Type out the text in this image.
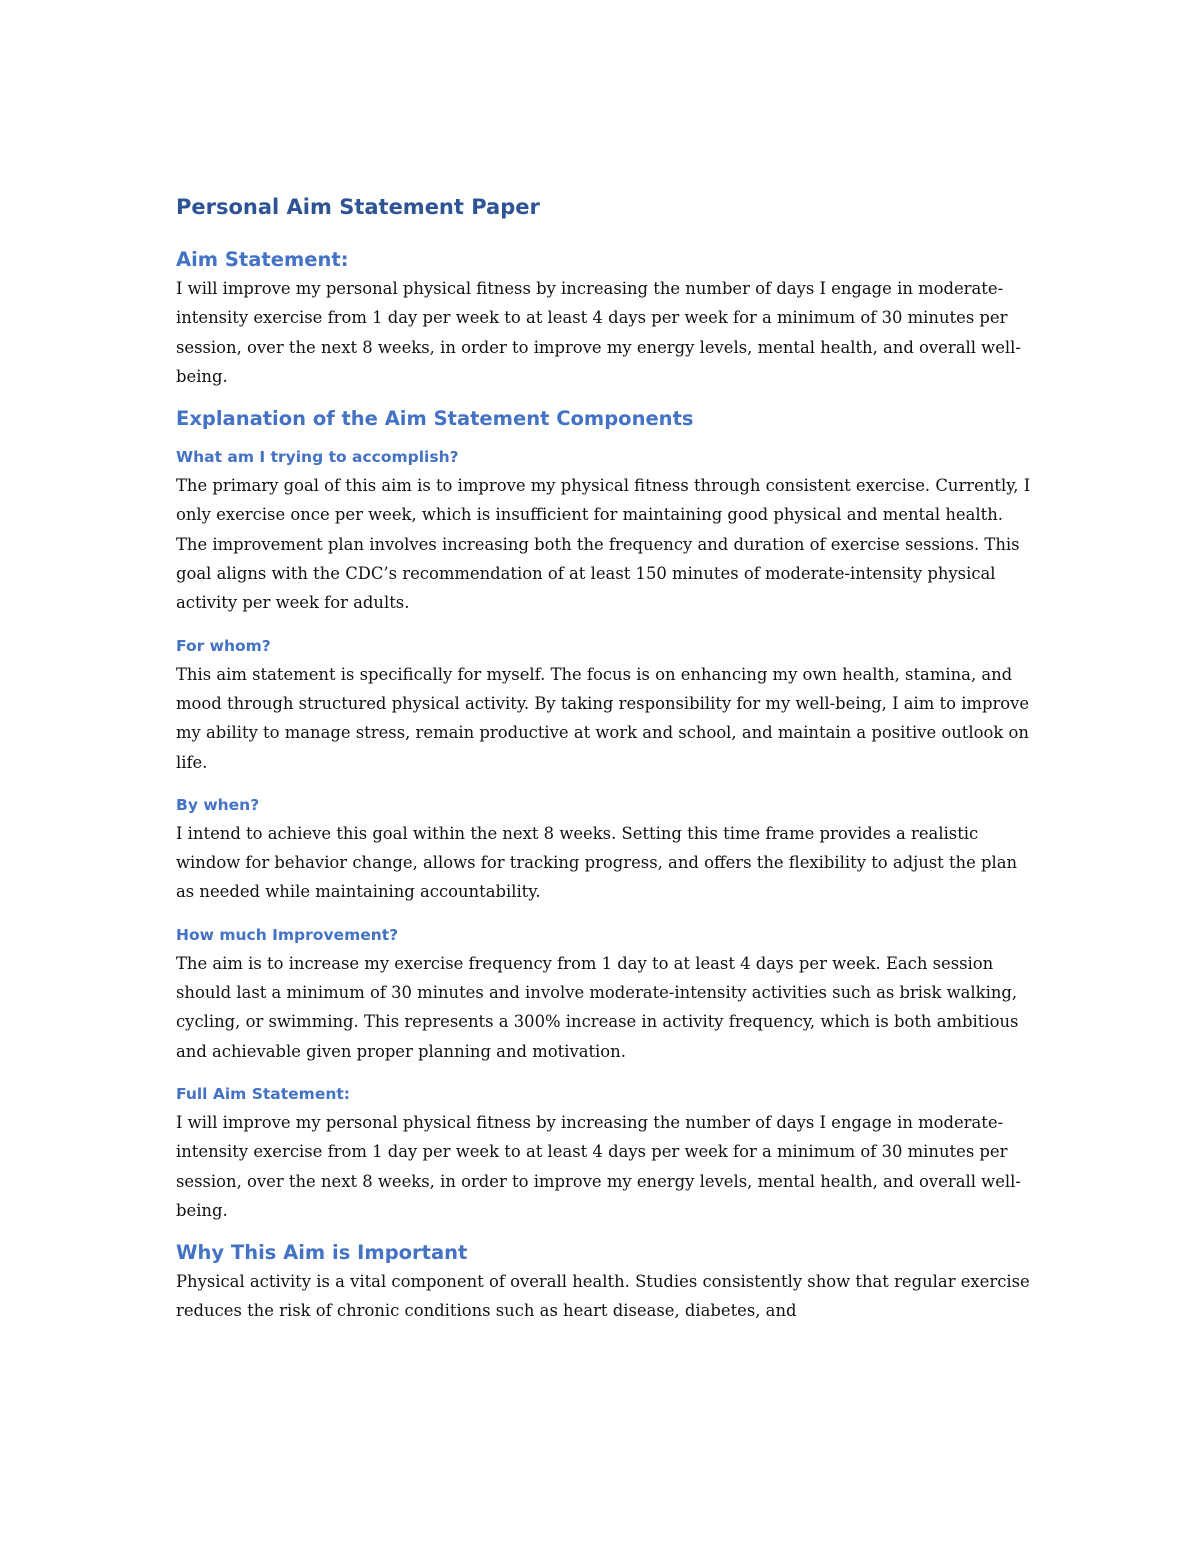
Personal Aim Statement Paper
Aim Statement:

I will improve my personal physical fitness by increasing the number of days I engage in moderate-intensity exercise from 1 day per week to at least 4 days per week for a minimum of 30 minutes per session, over the next 8 weeks, in order to improve my energy levels, mental health, and overall well-being.

Explanation of the Aim Statement Components
What am I trying to accomplish?

The primary goal of this aim is to improve my physical fitness through consistent exercise. Currently, I only exercise once per week, which is insufficient for maintaining good physical and mental health. The improvement plan involves increasing both the frequency and duration of exercise sessions. This goal aligns with the CDC’s recommendation of at least 150 minutes of moderate-intensity physical activity per week for adults.

For whom?

This aim statement is specifically for myself. The focus is on enhancing my own health, stamina, and mood through structured physical activity. By taking responsibility for my well-being, I aim to improve my ability to manage stress, remain productive at work and school, and maintain a positive outlook on life.

By when?

I intend to achieve this goal within the next 8 weeks. Setting this time frame provides a realistic window for behavior change, allows for tracking progress, and offers the flexibility to adjust the plan as needed while maintaining accountability.

How much Improvement?

The aim is to increase my exercise frequency from 1 day to at least 4 days per week. Each session should last a minimum of 30 minutes and involve moderate-intensity activities such as brisk walking, cycling, or swimming. This represents a 300% increase in activity frequency, which is both ambitious and achievable given proper planning and motivation.

Full Aim Statement:

I will improve my personal physical fitness by increasing the number of days I engage in moderate-intensity exercise from 1 day per week to at least 4 days per week for a minimum of 30 minutes per session, over the next 8 weeks, in order to improve my energy levels, mental health, and overall well-being.

Why This Aim is Important

Physical activity is a vital component of overall health. Studies consistently show that regular exercise reduces the risk of chronic conditions such as heart disease, diabetes, and
